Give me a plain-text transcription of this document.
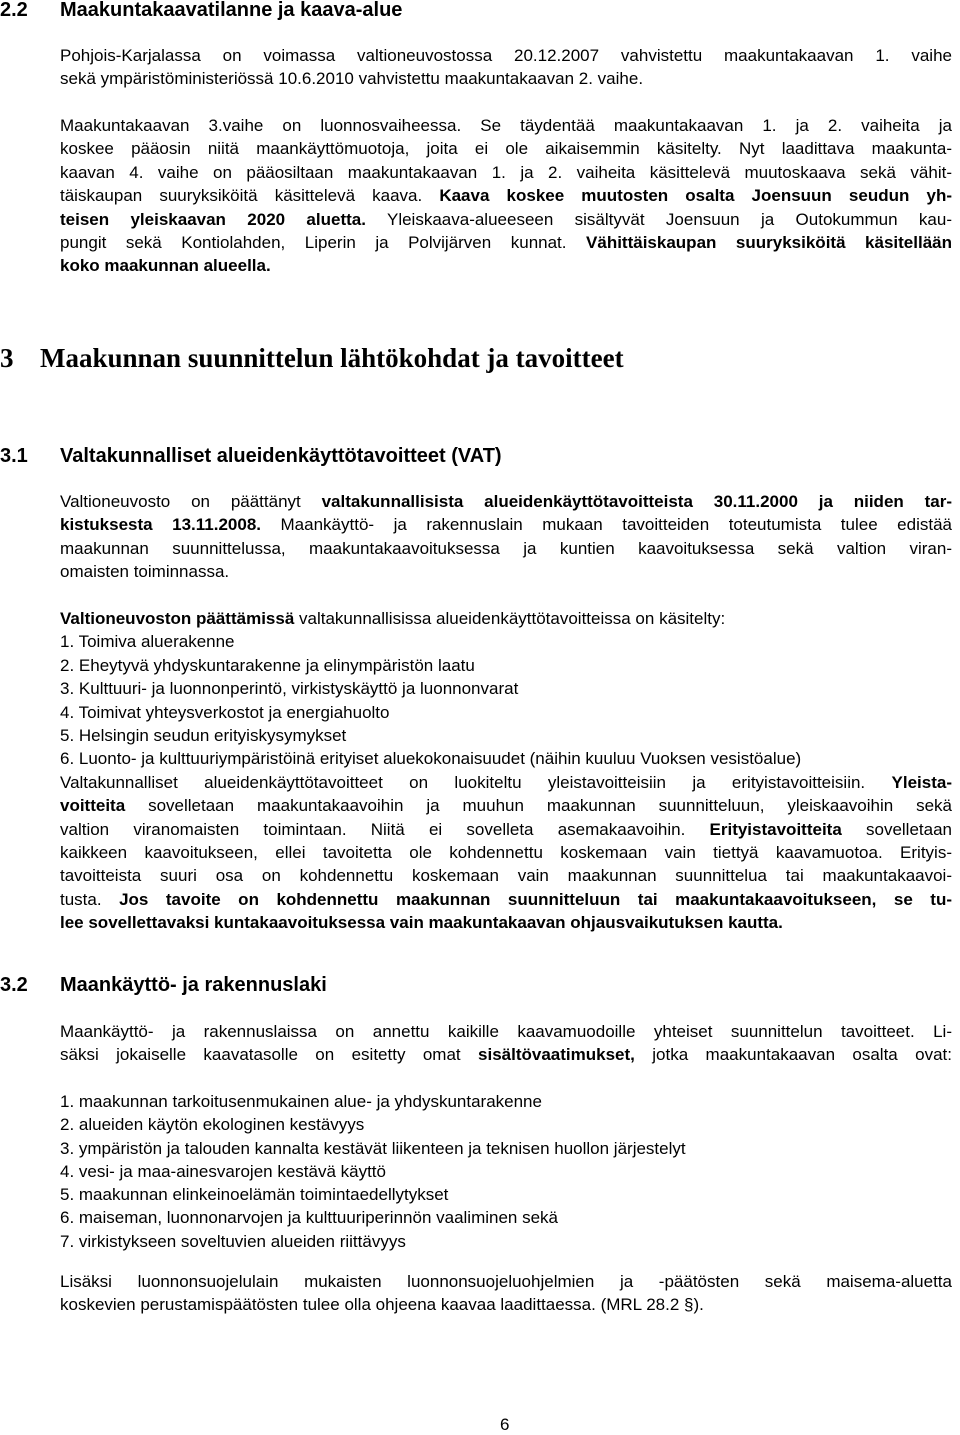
2.2 Maakuntakaavatilanne ja kaava-alue
Pohjois-Karjalassa on voimassa valtioneuvostossa 20.12.2007 vahvistettu maakuntakaavan 1. vaihe
sekä ympäristöministeriössä 10.6.2010 vahvistettu maakuntakaavan 2. vaihe.
Maakuntakaavan 3.vaihe on luonnosvaiheessa. Se täydentää maakuntakaavan 1. ja 2. vaiheita ja
koskee pääosin niitä maankäyttömuotoja, joita ei ole aikaisemmin käsitelty. Nyt laadittava maakunta-
kaavan 4. vaihe on pääosiltaan maakuntakaavan 1. ja 2. vaiheita käsittelevä muutoskaava sekä vähit-
täiskaupan suuryksiköitä käsittelevä kaava. Kaava koskee muutosten osalta Joensuun seudun yh-
teisen yleiskaavan 2020 aluetta. Yleiskaava-alueeseen sisältyvät Joensuun ja Outokummun kau-
pungit sekä Kontiolahden, Liperin ja Polvijärven kunnat. Vähittäiskaupan suuryksiköitä käsitellään
koko maakunnan alueella.
3 Maakunnan suunnittelun lähtökohdat ja tavoitteet
3.1 Valtakunnalliset alueidenkäyttötavoitteet (VAT)
Valtioneuvosto on päättänyt valtakunnallisista alueidenkäyttötavoitteista 30.11.2000 ja niiden tar-
kistuksesta 13.11.2008. Maankäyttö- ja rakennuslain mukaan tavoitteiden toteutumista tulee edistää
maakunnan suunnittelussa, maakuntakaavoituksessa ja kuntien kaavoituksessa sekä valtion viran-
omaisten toiminnassa.
Valtioneuvoston päättämissä valtakunnallisissa alueidenkäyttötavoitteissa on käsitelty:
1. Toimiva aluerakenne
2. Eheytyvä yhdyskuntarakenne ja elinympäristön laatu
3. Kulttuuri- ja luonnonperintö, virkistyskäyttö ja luonnonvarat
4. Toimivat yhteysverkostot ja energiahuolto
5. Helsingin seudun erityiskysymykset
6. Luonto- ja kulttuuriympäristöinä erityiset aluekokonaisuudet (näihin kuuluu Vuoksen vesistöalue)
Valtakunnalliset alueidenkäyttötavoitteet on luokiteltu yleistavoitteisiin ja erityistavoitteisiin. Yleista-
voitteita sovelletaan maakuntakaavoihin ja muuhun maakunnan suunnitteluun, yleiskaavoihin sekä
valtion viranomaisten toimintaan. Niitä ei sovelleta asemakaavoihin. Erityistavoitteita sovelletaan
kaikkeen kaavoitukseen, ellei tavoitetta ole kohdennettu koskemaan vain tiettyä kaavamuotoa. Erityis-
tavoitteista suuri osa on kohdennettu koskemaan vain maakunnan suunnittelua tai maakuntakaavoi-
tusta. Jos tavoite on kohdennettu maakunnan suunnitteluun tai maakuntakaavoitukseen, se tu-
lee sovellettavaksi kuntakaavoituksessa vain maakuntakaavan ohjausvaikutuksen kautta.
3.2 Maankäyttö- ja rakennuslaki
Maankäyttö- ja rakennuslaissa on annettu kaikille kaavamuodoille yhteiset suunnittelun tavoitteet. Li-
säksi jokaiselle kaavatasolle on esitetty omat sisältövaatimukset, jotka maakuntakaavan osalta ovat:
1. maakunnan tarkoitusenmukainen alue- ja yhdyskuntarakenne
2. alueiden käytön ekologinen kestävyys
3. ympäristön ja talouden kannalta kestävät liikenteen ja teknisen huollon järjestelyt
4. vesi- ja maa-ainesvarojen kestävä käyttö
5. maakunnan elinkeinoelämän toimintaedellytykset
6. maiseman, luonnonarvojen ja kulttuuriperinnön vaaliminen sekä
7. virkistykseen soveltuvien alueiden riittävyys
Lisäksi luonnonsuojelulain mukaisten luonnonsuojeluohjelmien ja -päätösten sekä maisema-aluetta
koskevien perustamispäätösten tulee olla ohjeena kaavaa laadittaessa. (MRL 28.2 §).
6
